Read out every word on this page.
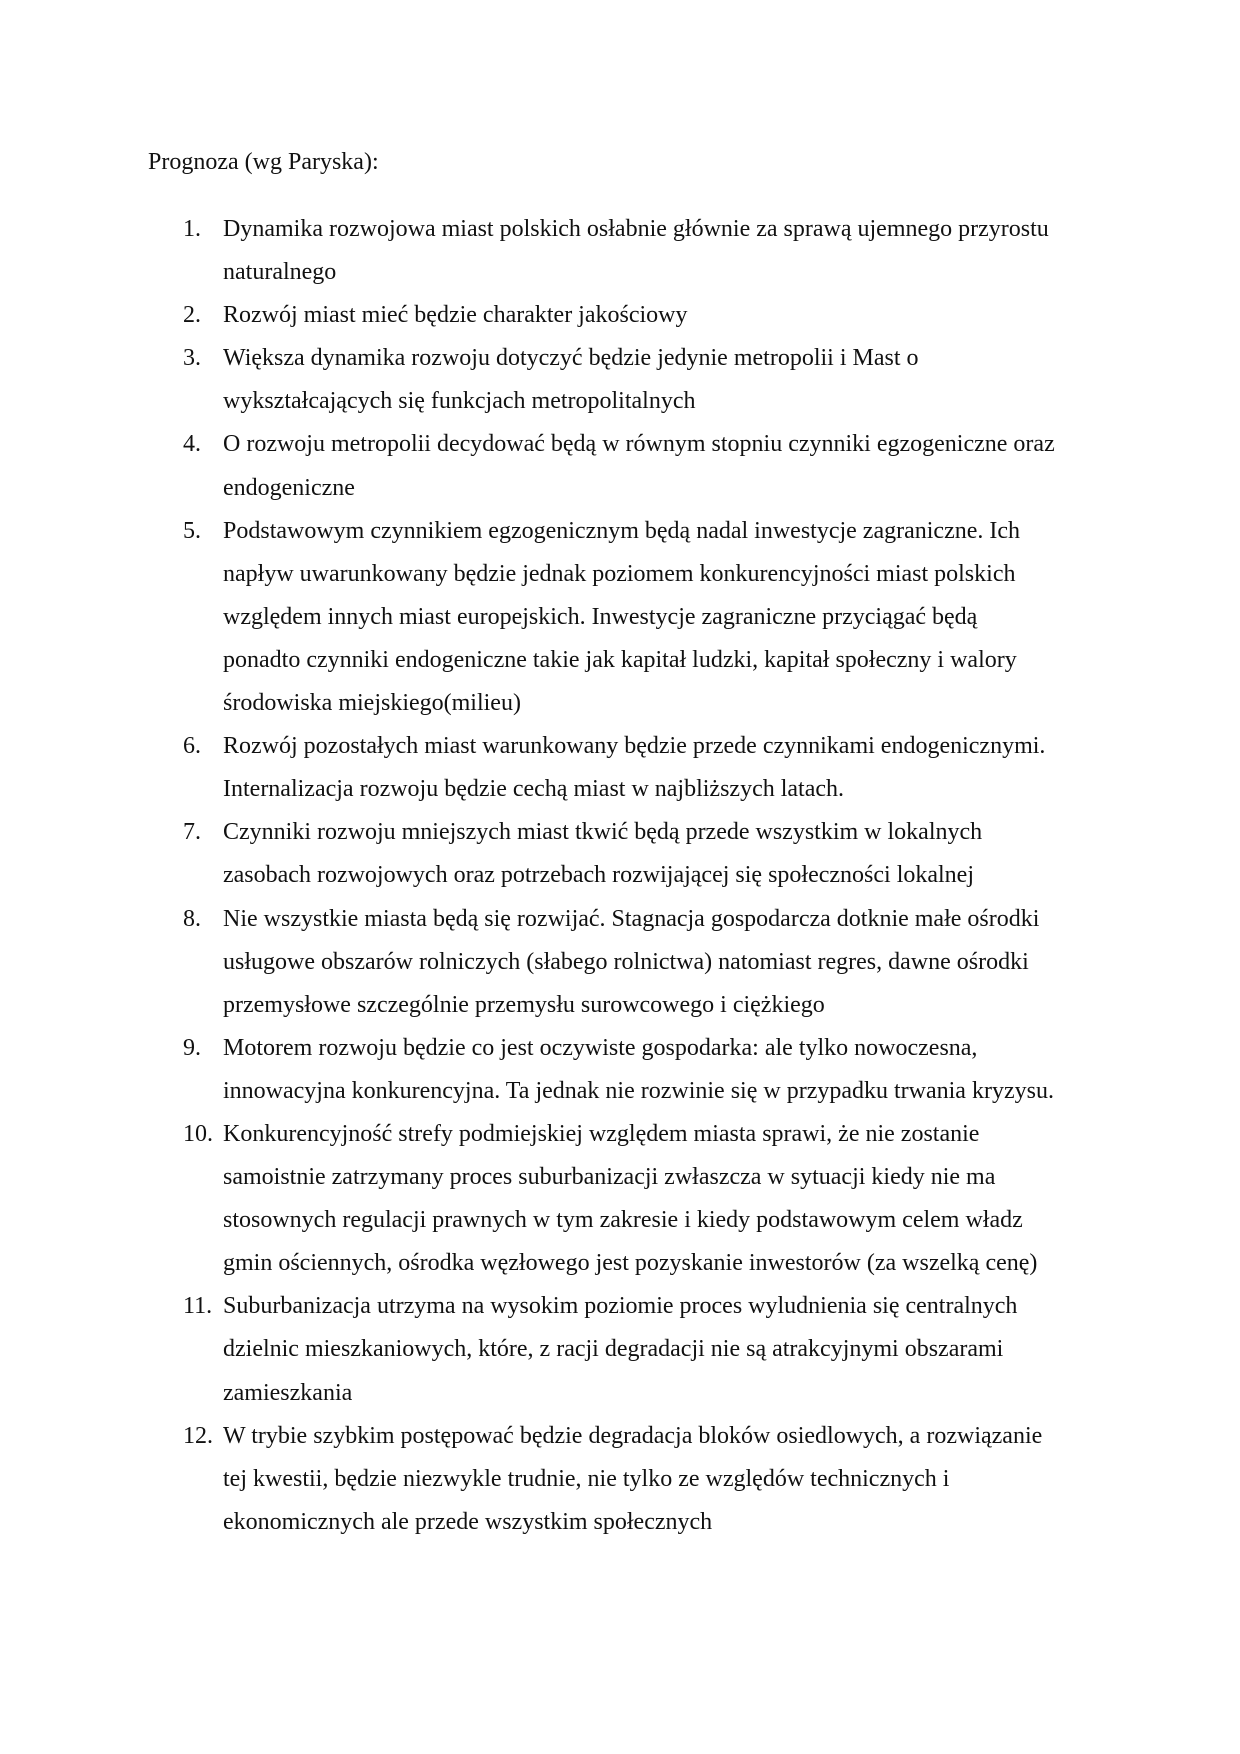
Prognoza (wg Paryska):
1. Dynamika rozwojowa miast polskich osłabnie głównie za sprawą ujemnego przyrostu
naturalnego
2. Rozwój miast mieć będzie charakter jakościowy
3. Większa dynamika rozwoju dotyczyć będzie jedynie metropolii i Mast o
wykształcających się funkcjach metropolitalnych
4. O rozwoju metropolii decydować będą w równym stopniu czynniki egzogeniczne oraz
endogeniczne
5. Podstawowym czynnikiem egzogenicznym będą nadal inwestycje zagraniczne. Ich
napływ uwarunkowany będzie jednak poziomem konkurencyjności miast polskich
względem innych miast europejskich. Inwestycje zagraniczne przyciągać będą
ponadto czynniki endogeniczne takie jak kapitał ludzki, kapitał społeczny i walory
środowiska miejskiego(milieu)
6. Rozwój pozostałych miast warunkowany będzie przede czynnikami endogenicznymi.
Internalizacja rozwoju będzie cechą miast w najbliższych latach.
7. Czynniki rozwoju mniejszych miast tkwić będą przede wszystkim w lokalnych
zasobach rozwojowych oraz potrzebach rozwijającej się społeczności lokalnej
8. Nie wszystkie miasta będą się rozwijać. Stagnacja gospodarcza dotknie małe ośrodki
usługowe obszarów rolniczych (słabego rolnictwa) natomiast regres, dawne ośrodki
przemysłowe szczególnie przemysłu surowcowego i ciężkiego
9. Motorem rozwoju będzie co jest oczywiste gospodarka: ale tylko nowoczesna,
innowacyjna konkurencyjna. Ta jednak nie rozwinie się w przypadku trwania kryzysu.
10. Konkurencyjność strefy podmiejskiej względem miasta sprawi, że nie zostanie
samoistnie zatrzymany proces suburbanizacji zwłaszcza w sytuacji kiedy nie ma
stosownych regulacji prawnych w tym zakresie i kiedy podstawowym celem władz
gmin ościennych, ośrodka węzłowego jest pozyskanie inwestorów (za wszelką cenę)
11. Suburbanizacja utrzyma na wysokim poziomie proces wyludnienia się centralnych
dzielnic mieszkaniowych, które, z racji degradacji nie są atrakcyjnymi obszarami
zamieszkania
12. W trybie szybkim postępować będzie degradacja bloków osiedlowych, a rozwiązanie
tej kwestii, będzie niezwykle trudnie, nie tylko ze względów technicznych i
ekonomicznych ale przede wszystkim społecznych
